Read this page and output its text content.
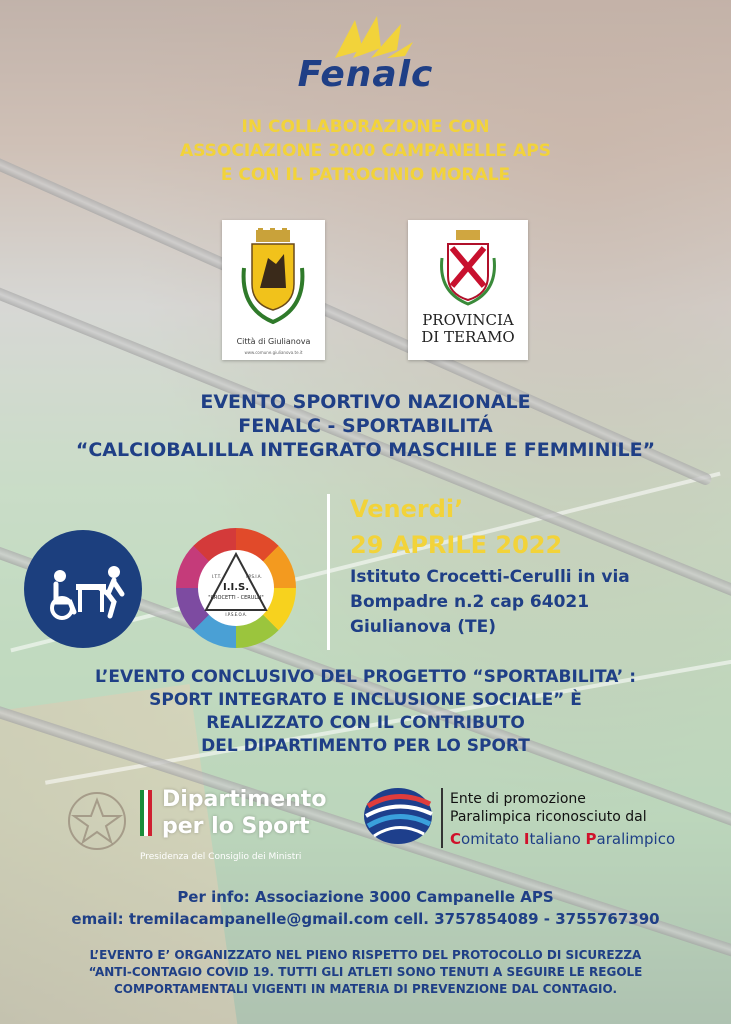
Fenalc
IN COLLABORAZIONE CON
ASSOCIAZIONE 3000 CAMPANELLE APS
E CON IL PATROCINIO MORALE
Città di Giulianova
www.comune.giulianova.te.it
PROVINCIA
DI TERAMO
EVENTO SPORTIVO NAZIONALE
FENALC - SPORTABILITÁ
“CALCIOBALILLA INTEGRATO MASCHILE E FEMMINILE”
I.I.S.
"CROCETTI - CERULLI"
I.T.T.	I.P.S.I.A.
I.P.S.E.O.A.
Venerdi’
29 APRILE 2022
Istituto Crocetti-Cerulli in via
Bompadre n.2 cap 64021
Giulianova (TE)
L’EVENTO CONCLUSIVO DEL PROGETTO “SPORTABILITA’ :
SPORT INTEGRATO E INCLUSIONE SOCIALE” È
REALIZZATO CON IL CONTRIBUTO
DEL DIPARTIMENTO PER LO SPORT
Dipartimento
per lo Sport
Presidenza del Consiglio dei Ministri
Ente di promozione
Paralimpica riconosciuto dal
Comitato Italiano Paralimpico
Per info: Associazione 3000 Campanelle APS
email: tremilacampanelle@gmail.com cell. 3757854089 - 3755767390
L’EVENTO E’ ORGANIZZATO NEL PIENO RISPETTO DEL PROTOCOLLO DI SICUREZZA
“ANTI-CONTAGIO COVID 19. TUTTI GLI ATLETI SONO TENUTI A SEGUIRE LE REGOLE
COMPORTAMENTALI VIGENTI IN MATERIA DI PREVENZIONE DAL CONTAGIO.
